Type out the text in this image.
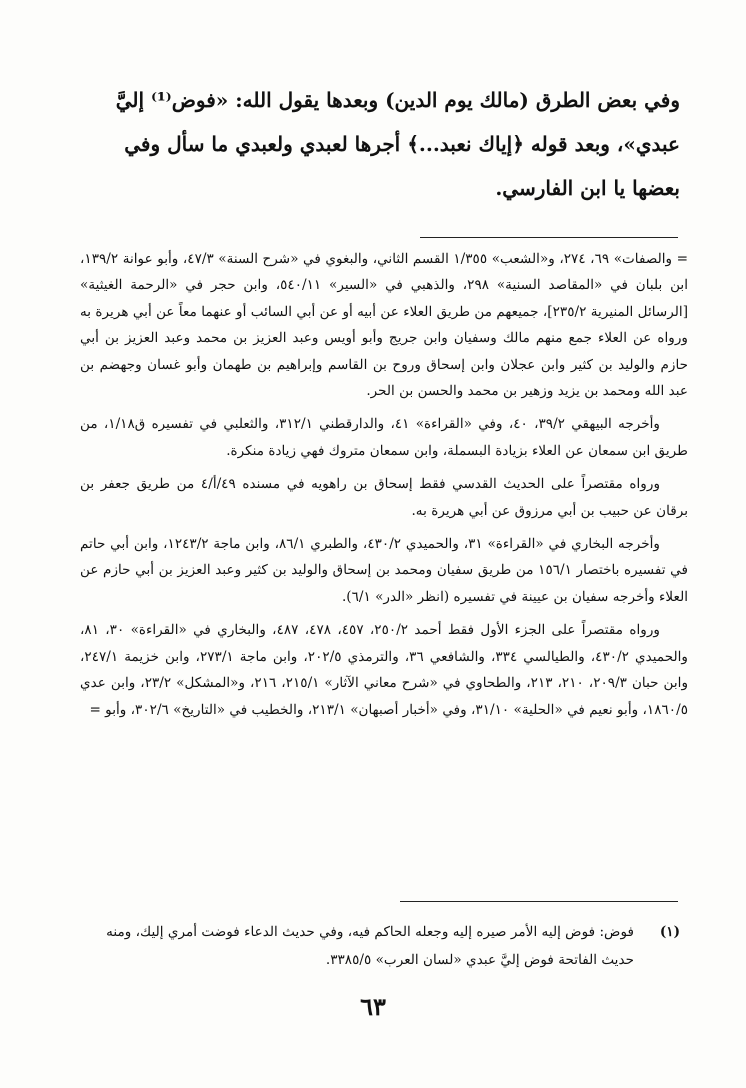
وفي بعض الطرق (مالك يوم الدين) وبعدها يقول الله: «فوض⁽¹⁾ إليَّ

عبدي»، وبعد قوله ﴿إياك نعبد...﴾ أجرها لعبدي ولعبدي ما سأل وفي

بعضها يا ابن الفارسي.

= والصفات» ٦٩، ٢٧٤، و«الشعب» ١/٣٥٥ القسم الثاني، والبغوي في «شرح السنة» ٤٧/٣، وأبو عوانة ١٣٩/٢، ابن بلبان في «المقاصد السنية» ٢٩٨، والذهبي في «السير» ٥٤٠/١١، وابن حجر في «الرحمة الغيثية» [الرسائل المنيرية ٢٣٥/٢]، جميعهم من طريق العلاء عن أبيه أو عن أبي السائب أو عنهما معاً عن أبي هريرة به ورواه عن العلاء جمع منهم مالك وسفيان وابن جريج وأبو أويس وعبد العزيز بن محمد وعبد العزيز بن أبي حازم والوليد بن كثير وابن عجلان وابن إسحاق وروح بن القاسم وإبراهيم بن طهمان وأبو غسان وجهضم بن عبد الله ومحمد بن يزيد وزهير بن محمد والحسن بن الحر.

وأخرجه البيهقي ٣٩/٢، ٤٠، وفي «القراءة» ٤١، والدارقطني ٣١٢/١، والثعلبي في تفسيره ق١/١٨، من طريق ابن سمعان عن العلاء بزيادة البسملة، وابن سمعان متروك فهي زيادة منكرة.

ورواه مقتصراً على الحديث القدسي فقط إسحاق بن راهويه في مسنده ٤٩/أ/٤ من طريق جعفر بن برقان عن حبيب بن أبي مرزوق عن أبي هريرة به.

وأخرجه البخاري في «القراءة» ٣١، والحميدي ٤٣٠/٢، والطبري ٨٦/١، وابن ماجة ١٢٤٣/٢، وابن أبي حاتم في تفسيره باختصار ١٥٦/١ من طريق سفيان ومحمد بن إسحاق والوليد بن كثير وعبد العزيز بن أبي حازم عن العلاء وأخرجه سفيان بن عيينة في تفسيره (انظر «الدر» ٦/١).

ورواه مقتصراً على الجزء الأول فقط أحمد ٢٥٠/٢، ٤٥٧، ٤٧٨، ٤٨٧، والبخاري في «القراءة» ٣٠، ٨١، والحميدي ٤٣٠/٢، والطيالسي ٣٣٤، والشافعي ٣٦، والترمذي ٢٠٢/٥، وابن ماجة ٢٧٣/١، وابن خزيمة ٢٤٧/١، وابن حبان ٢٠٩/٣، ٢١٠، ٢١٣، والطحاوي في «شرح معاني الآثار» ٢١٥/١، ٢١٦، و«المشكل» ٢٣/٢، وابن عدي ١٨٦٠/٥، وأبو نعيم في «الحلية» ٣١/١٠، وفي «أخبار أصبهان» ٢١٣/١، والخطيب في «التاريخ» ٣٠٢/٦، وأبو =

(١)
فوض: فوض إليه الأمر صيره إليه وجعله الحاكم فيه، وفي حديث الدعاء فوضت أمري إليك، ومنه حديث الفاتحة فوض إليَّ عبدي «لسان العرب» ٣٣٨٥/٥.
٦٣
